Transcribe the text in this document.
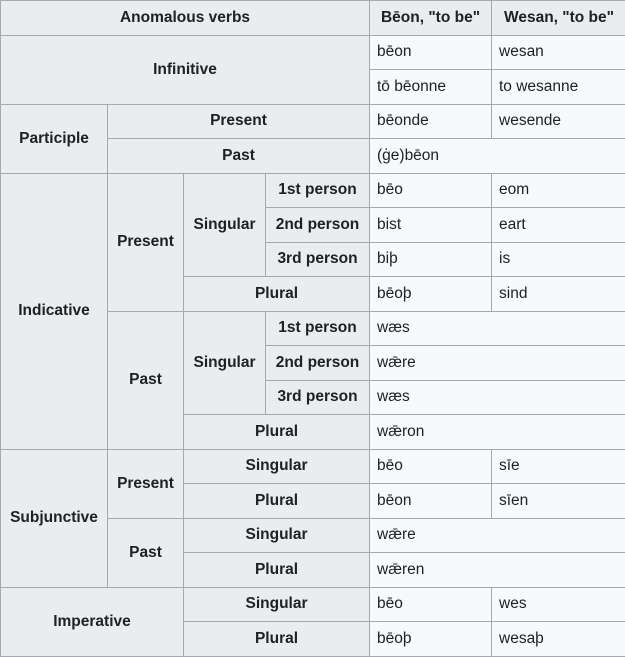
Anomalous verbs				Bēon, "to be"	Wesan, "to be"
Infinitive				bēon	wesan
				tō bēonne	to wesanne
Participle	Present			bēonde	wesende
	Past			(ġe)bēon	
Indicative	Present	Singular	1st person	bēo	eom
			2nd person	bist	eart
			3rd person	biþ	is
		Plural		bēoþ	sind
	Past	Singular	1st person	wæs	
			2nd person	wǣre	
			3rd person	wæs	
		Plural		wǣron	
Subjunctive	Present	Singular		bēo	sīe
		Plural		bēon	sīen
	Past	Singular		wǣre	
		Plural		wǣren	
Imperative		Singular		bēo	wes
		Plural		bēoþ	wesaþ
